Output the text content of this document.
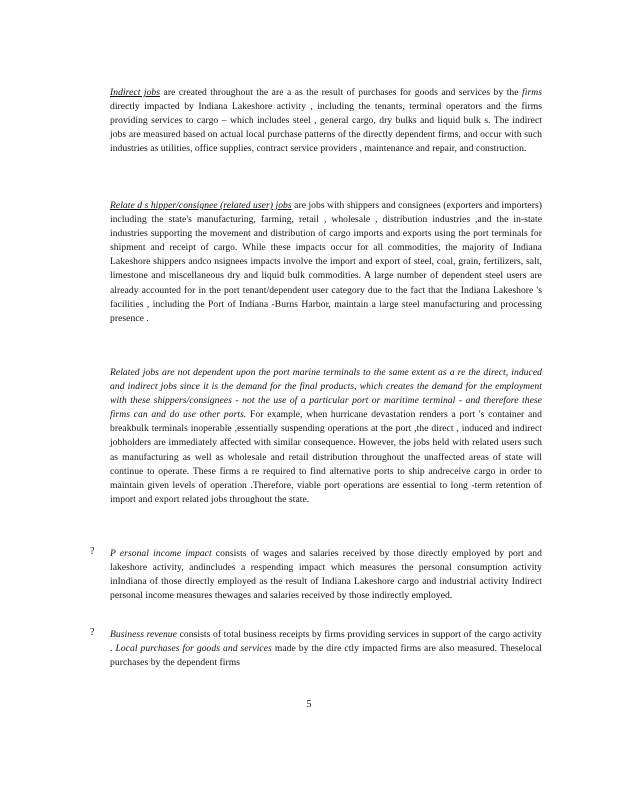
Indirect jobs are created throughout the are a as the result of purchases for goods and services by the firms directly impacted by Indiana Lakeshore activity , including the tenants, terminal operators and the firms providing services to cargo – which includes steel , general cargo, dry bulks and liquid bulk s. The indirect jobs are measured based on actual local purchase patterns of the directly dependent firms, and occur with such industries as utilities, office supplies, contract service providers , maintenance and repair, and construction.

Relate d s hipper/consignee (related user) jobs are jobs with shippers and consignees (exporters and importers) including the state's manufacturing, farming, retail , wholesale , distribution industries ,and the in-state industries supporting the movement and distribution of cargo imports and exports using the port terminals for shipment and receipt of cargo. While these impacts occur for all commodities, the majority of Indiana Lakeshore shippers andco nsignees impacts involve the import and export of steel, coal, grain, fertilizers, salt, limestone and miscellaneous dry and liquid bulk commodities. A large number of dependent steel users are already accounted for in the port tenant/dependent user category due to the fact that the Indiana Lakeshore 's facilities , including the Port of Indiana -Burns Harbor, maintain a large steel manufacturing and processing presence .

Related jobs are not dependent upon the port marine terminals to the same extent as a re the direct, induced and indirect jobs since it is the demand for the final products, which creates the demand for the employment with these shippers/consignees - not the use of a particular port or maritime terminal - and therefore these firms can and do use other ports. For example, when hurricane devastation renders a port 's container and breakbulk terminals inoperable ,essentially suspending operations at the port ,the direct , induced and indirect jobholders are immediately affected with similar consequence. However, the jobs held with related users such as manufacturing as well as wholesale and retail distribution throughout the unaffected areas of state will continue to operate. These firms a re required to find alternative ports to ship andreceive cargo in order to maintain given levels of operation .Therefore, viable port operations are essential to long -term retention of import and export related jobs throughout the state.

? P ersonal income impact consists of wages and salaries received by those directly employed by port and lakeshore activity, andincludes a respending impact which measures the personal consumption activity inIndiana of those directly employed as the result of Indiana Lakeshore cargo and industrial activity Indirect personal income measures thewages and salaries received by those indirectly employed.

? Business revenue consists of total business receipts by firms providing services in support of the cargo activity . Local purchases for goods and services made by the dire ctly impacted firms are also measured. Theselocal purchases by the dependent firms

5
